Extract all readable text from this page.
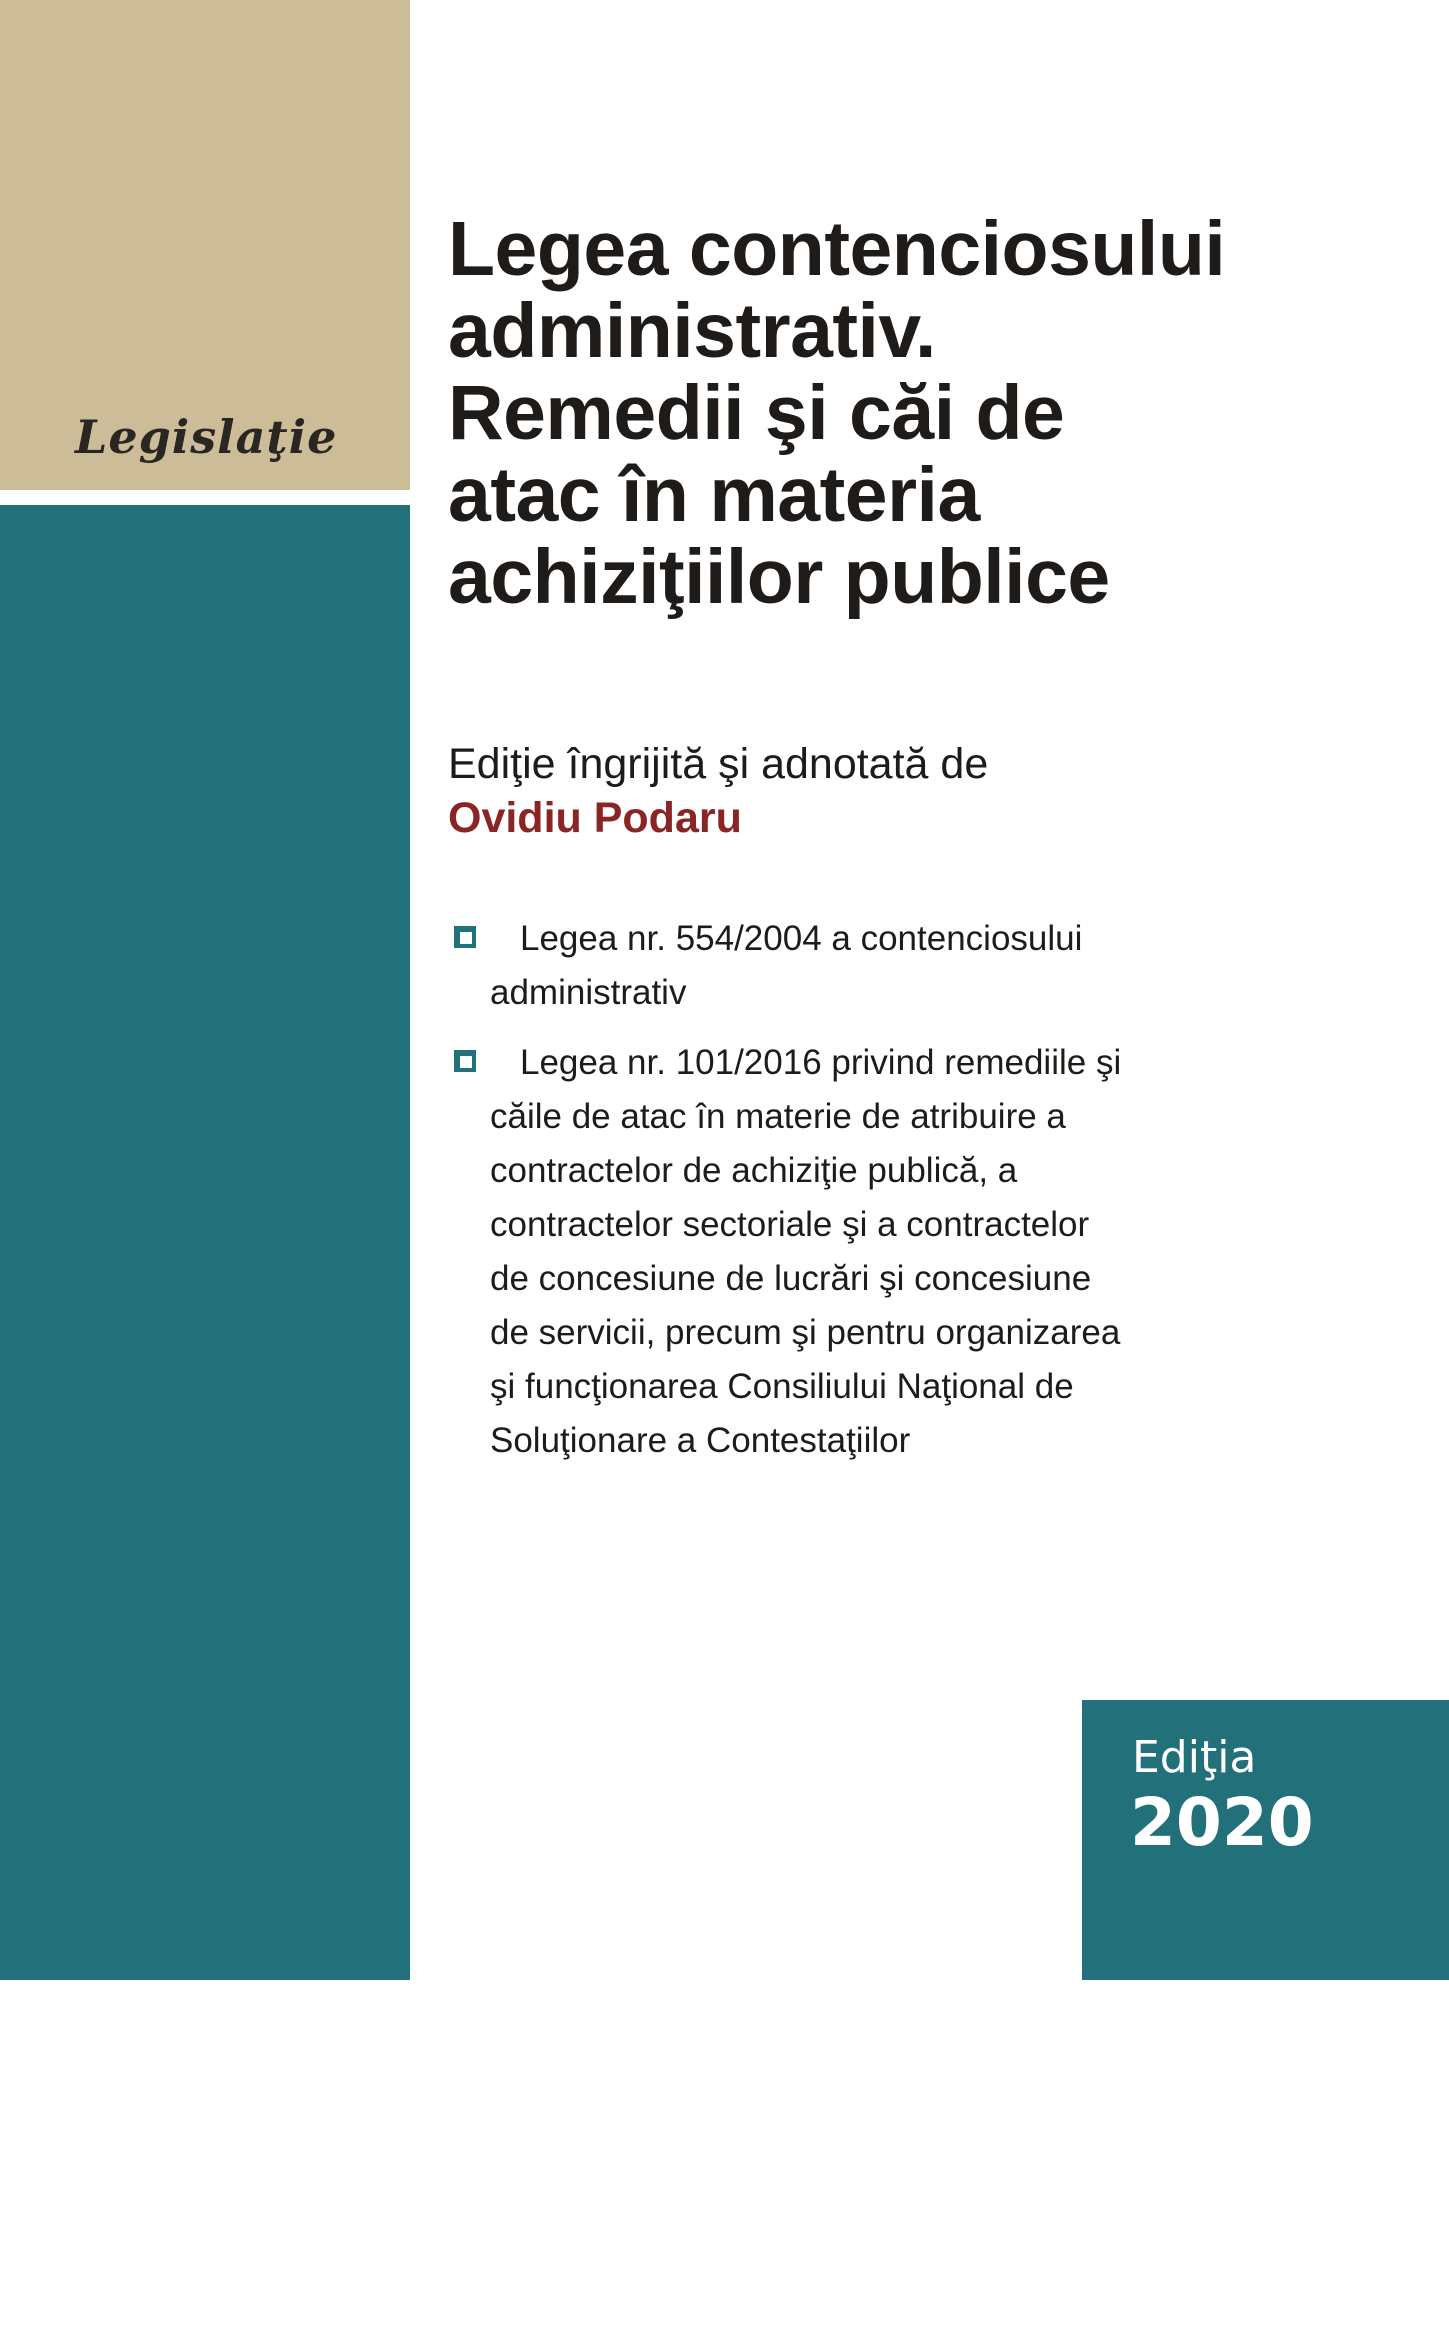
Legislaţie
Editura
Hamangiu
Legea contenciosului
administrativ.
Remedii şi căi de
atac în materia
achiziţiilor publice
Ediţie îngrijită şi adnotată de
Ovidiu Podaru
Legea nr. 554/2004 a contenciosului
administrativ
Legea nr. 101/2016 privind remediile şi
căile de atac în materie de atribuire a
contractelor de achiziţie publică, a
contractelor sectoriale şi a contractelor
de concesiune de lucrări şi concesiune
de servicii, precum şi pentru organizarea
şi funcţionarea Consiliului Naţional de
Soluţionare a Contestaţiilor
Ediţia
2020
